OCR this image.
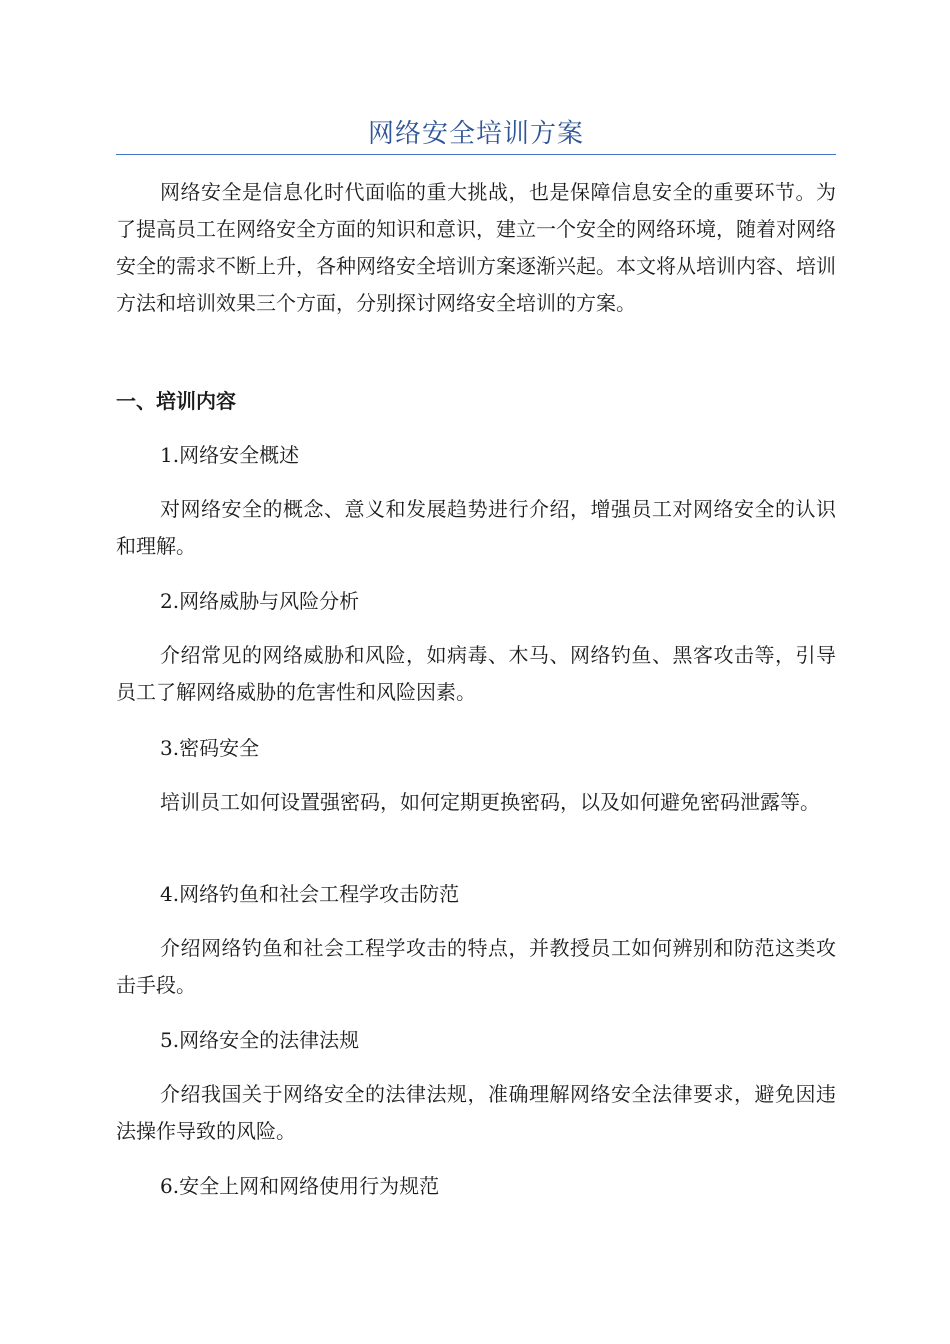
网络安全培训方案

网络安全是信息化时代面临的重大挑战，也是保障信息安全的重要环节。为了提高员工在网络安全方面的知识和意识，建立一个安全的网络环境，随着对网络安全的需求不断上升，各种网络安全培训方案逐渐兴起。本文将从培训内容、培训方法和培训效果三个方面，分别探讨网络安全培训的方案。

一、培训内容

1.网络安全概述

对网络安全的概念、意义和发展趋势进行介绍，增强员工对网络安全的认识和理解。

2.网络威胁与风险分析

介绍常见的网络威胁和风险，如病毒、木马、网络钓鱼、黑客攻击等，引导员工了解网络威胁的危害性和风险因素。

3.密码安全

培训员工如何设置强密码，如何定期更换密码，以及如何避免密码泄露等。

4.网络钓鱼和社会工程学攻击防范

介绍网络钓鱼和社会工程学攻击的特点，并教授员工如何辨别和防范这类攻击手段。

5.网络安全的法律法规

介绍我国关于网络安全的法律法规，准确理解网络安全法律要求，避免因违法操作导致的风险。

6.安全上网和网络使用行为规范
